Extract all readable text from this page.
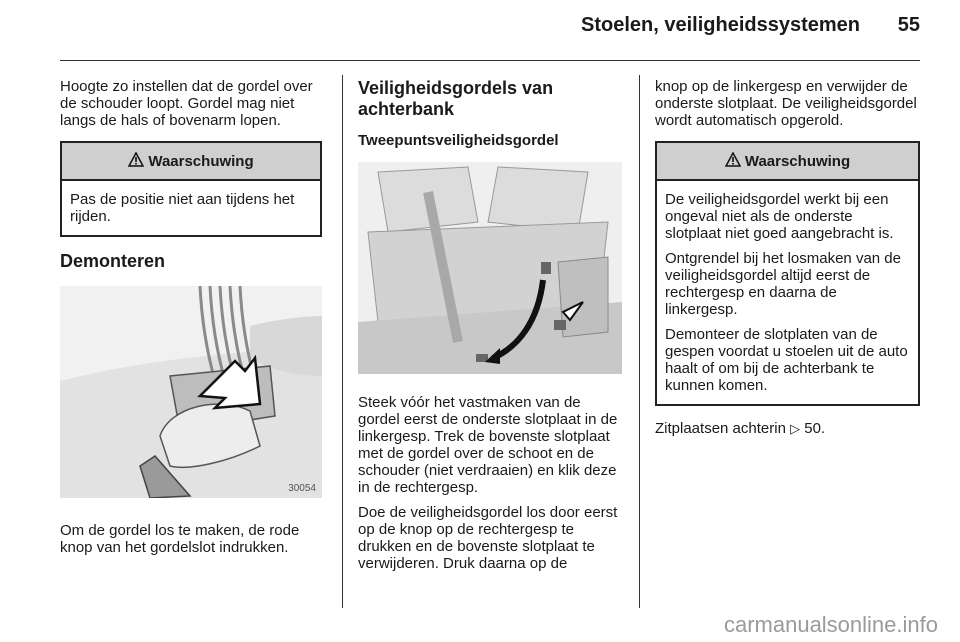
Stoelen, veiligheidssystemen	55

Hoogte zo instellen dat de gordel over de schouder loopt. Gordel mag niet langs de hals of bovenarm lopen.

Waarschuwing

Pas de positie niet aan tijdens het rijden.

Demonteren

30054

Om de gordel los te maken, de rode knop van het gordelslot indrukken.

Veiligheidsgordels van achterbank

Tweepuntsveiligheidsgordel

Steek vóór het vastmaken van de gordel eerst de onderste slotplaat in de linkergesp. Trek de bovenste slotplaat met de gordel over de schoot en de schouder (niet verdraaien) en klik deze in de rechtergesp.

Doe de veiligheidsgordel los door eerst op de knop op de rechtergesp te drukken en de bovenste slotplaat te verwijderen. Druk daarna op de

knop op de linkergesp en verwijder de onderste slotplaat. De veiligheidsgordel wordt automatisch opgerold.

Waarschuwing

De veiligheidsgordel werkt bij een ongeval niet als de onderste slotplaat niet goed aangebracht is.

Ontgrendel bij het losmaken van de veiligheidsgordel altijd eerst de rechtergesp en daarna de linkergesp.

Demonteer de slotplaten van de gespen voordat u stoelen uit de auto haalt of om bij de achterbank te kunnen komen.

Zitplaatsen achterin ▷ 50.

carmanualsonline.info
